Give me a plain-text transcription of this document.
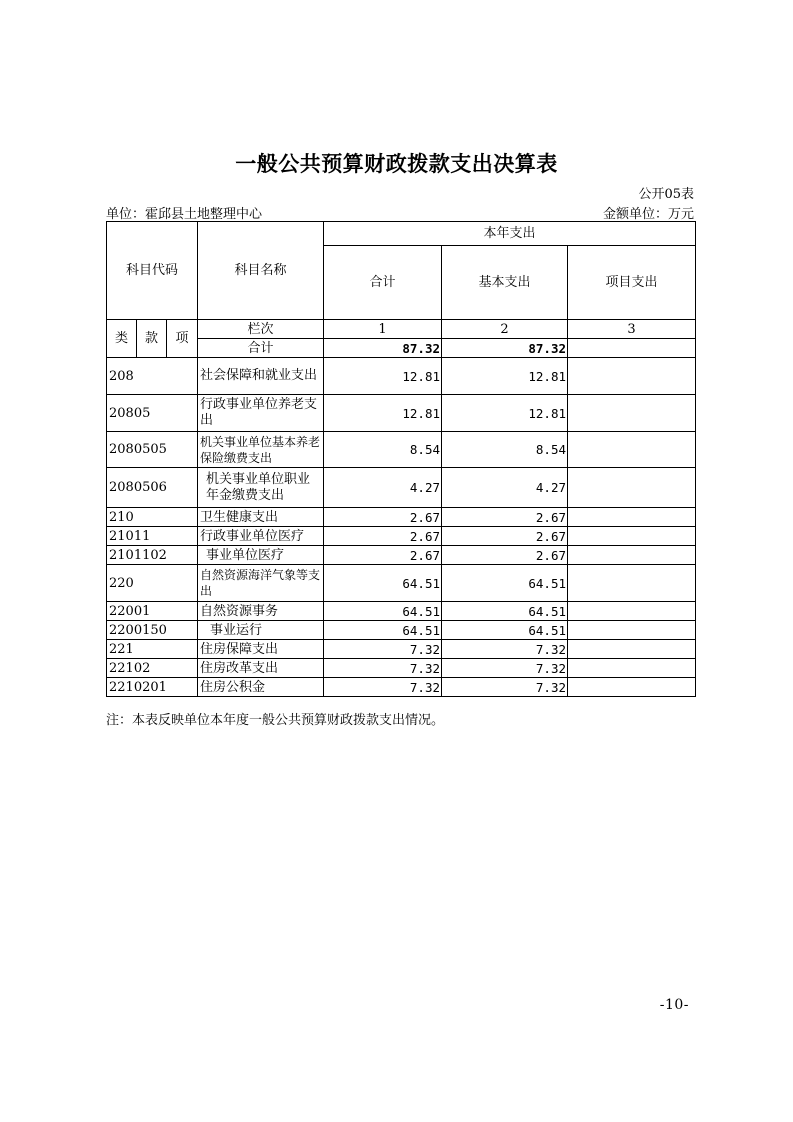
一般公共预算财政拨款支出决算表
公开05表
单位：霍邱县土地整理中心	金额单位：万元
科目代码			科目名称	本年支出		
				合计	基本支出	项目支出
类	款	项	栏次	1	2	3
			合计	87.32	87.32	
208			社会保障和就业支出	12.81	12.81	
20805			行政事业单位养老支出	12.81	12.81	
2080505			机关事业单位基本养老保险缴费支出	8.54	8.54	
2080506			机关事业单位职业年金缴费支出	4.27	4.27	
210			卫生健康支出	2.67	2.67	
21011			行政事业单位医疗	2.67	2.67	
2101102			事业单位医疗	2.67	2.67	
220			自然资源海洋气象等支出	64.51	64.51	
22001			自然资源事务	64.51	64.51	
2200150			事业运行	64.51	64.51	
221			住房保障支出	7.32	7.32	
22102			住房改革支出	7.32	7.32	
2210201			住房公积金	7.32	7.32	
注：本表反映单位本年度一般公共预算财政拨款支出情况。
-10-
